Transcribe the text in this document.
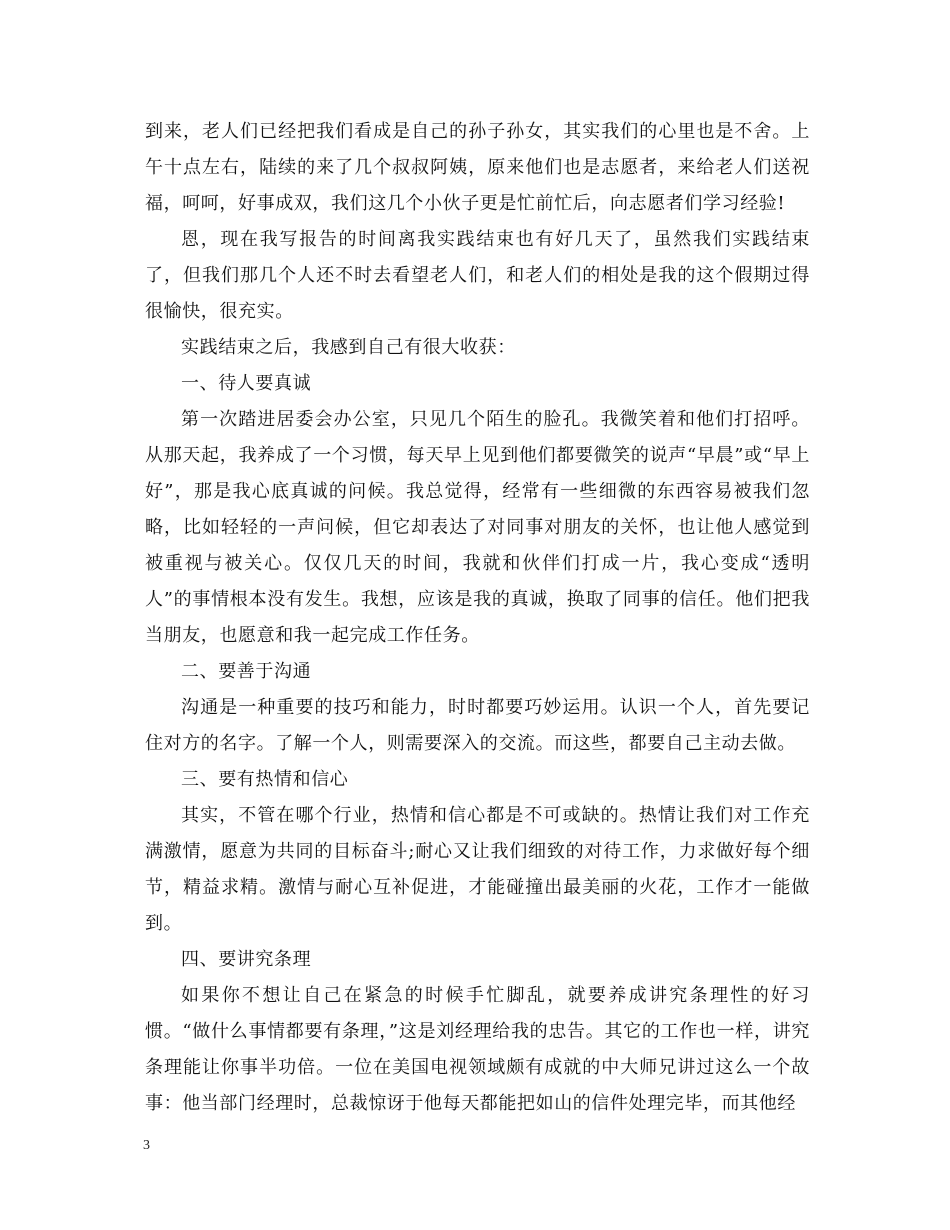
到来，老人们已经把我们看成是自己的孙子孙女，其实我们的心里也是不舍。上午十点左右，陆续的来了几个叔叔阿姨，原来他们也是志愿者，来给老人们送祝福，呵呵，好事成双，我们这几个小伙子更是忙前忙后，向志愿者们学习经验!

恩，现在我写报告的时间离我实践结束也有好几天了，虽然我们实践结束了，但我们那几个人还不时去看望老人们，和老人们的相处是我的这个假期过得很愉快，很充实。

实践结束之后，我感到自己有很大收获：

一、待人要真诚

第一次踏进居委会办公室，只见几个陌生的脸孔。我微笑着和他们打招呼。从那天起，我养成了一个习惯，每天早上见到他们都要微笑的说声“早晨”或“早上好”，那是我心底真诚的问候。我总觉得，经常有一些细微的东西容易被我们忽略，比如轻轻的一声问候，但它却表达了对同事对朋友的关怀，也让他人感觉到被重视与被关心。仅仅几天的时间，我就和伙伴们打成一片，我心变成“透明人”的事情根本没有发生。我想，应该是我的真诚，换取了同事的信任。他们把我当朋友，也愿意和我一起完成工作任务。

二、要善于沟通

沟通是一种重要的技巧和能力，时时都要巧妙运用。认识一个人，首先要记住对方的名字。了解一个人，则需要深入的交流。而这些，都要自己主动去做。

三、要有热情和信心

其实，不管在哪个行业，热情和信心都是不可或缺的。热情让我们对工作充满激情，愿意为共同的目标奋斗;耐心又让我们细致的对待工作，力求做好每个细节，精益求精。激情与耐心互补促进，才能碰撞出最美丽的火花，工作才一能做到。

四、要讲究条理

如果你不想让自己在紧急的时候手忙脚乱，就要养成讲究条理性的好习惯。“做什么事情都要有条理，”这是刘经理给我的忠告。其它的工作也一样，讲究条理能让你事半功倍。一位在美国电视领域颇有成就的中大师兄讲过这么一个故事：他当部门经理时，总裁惊讶于他每天都能把如山的信件处理完毕，而其他经

3
